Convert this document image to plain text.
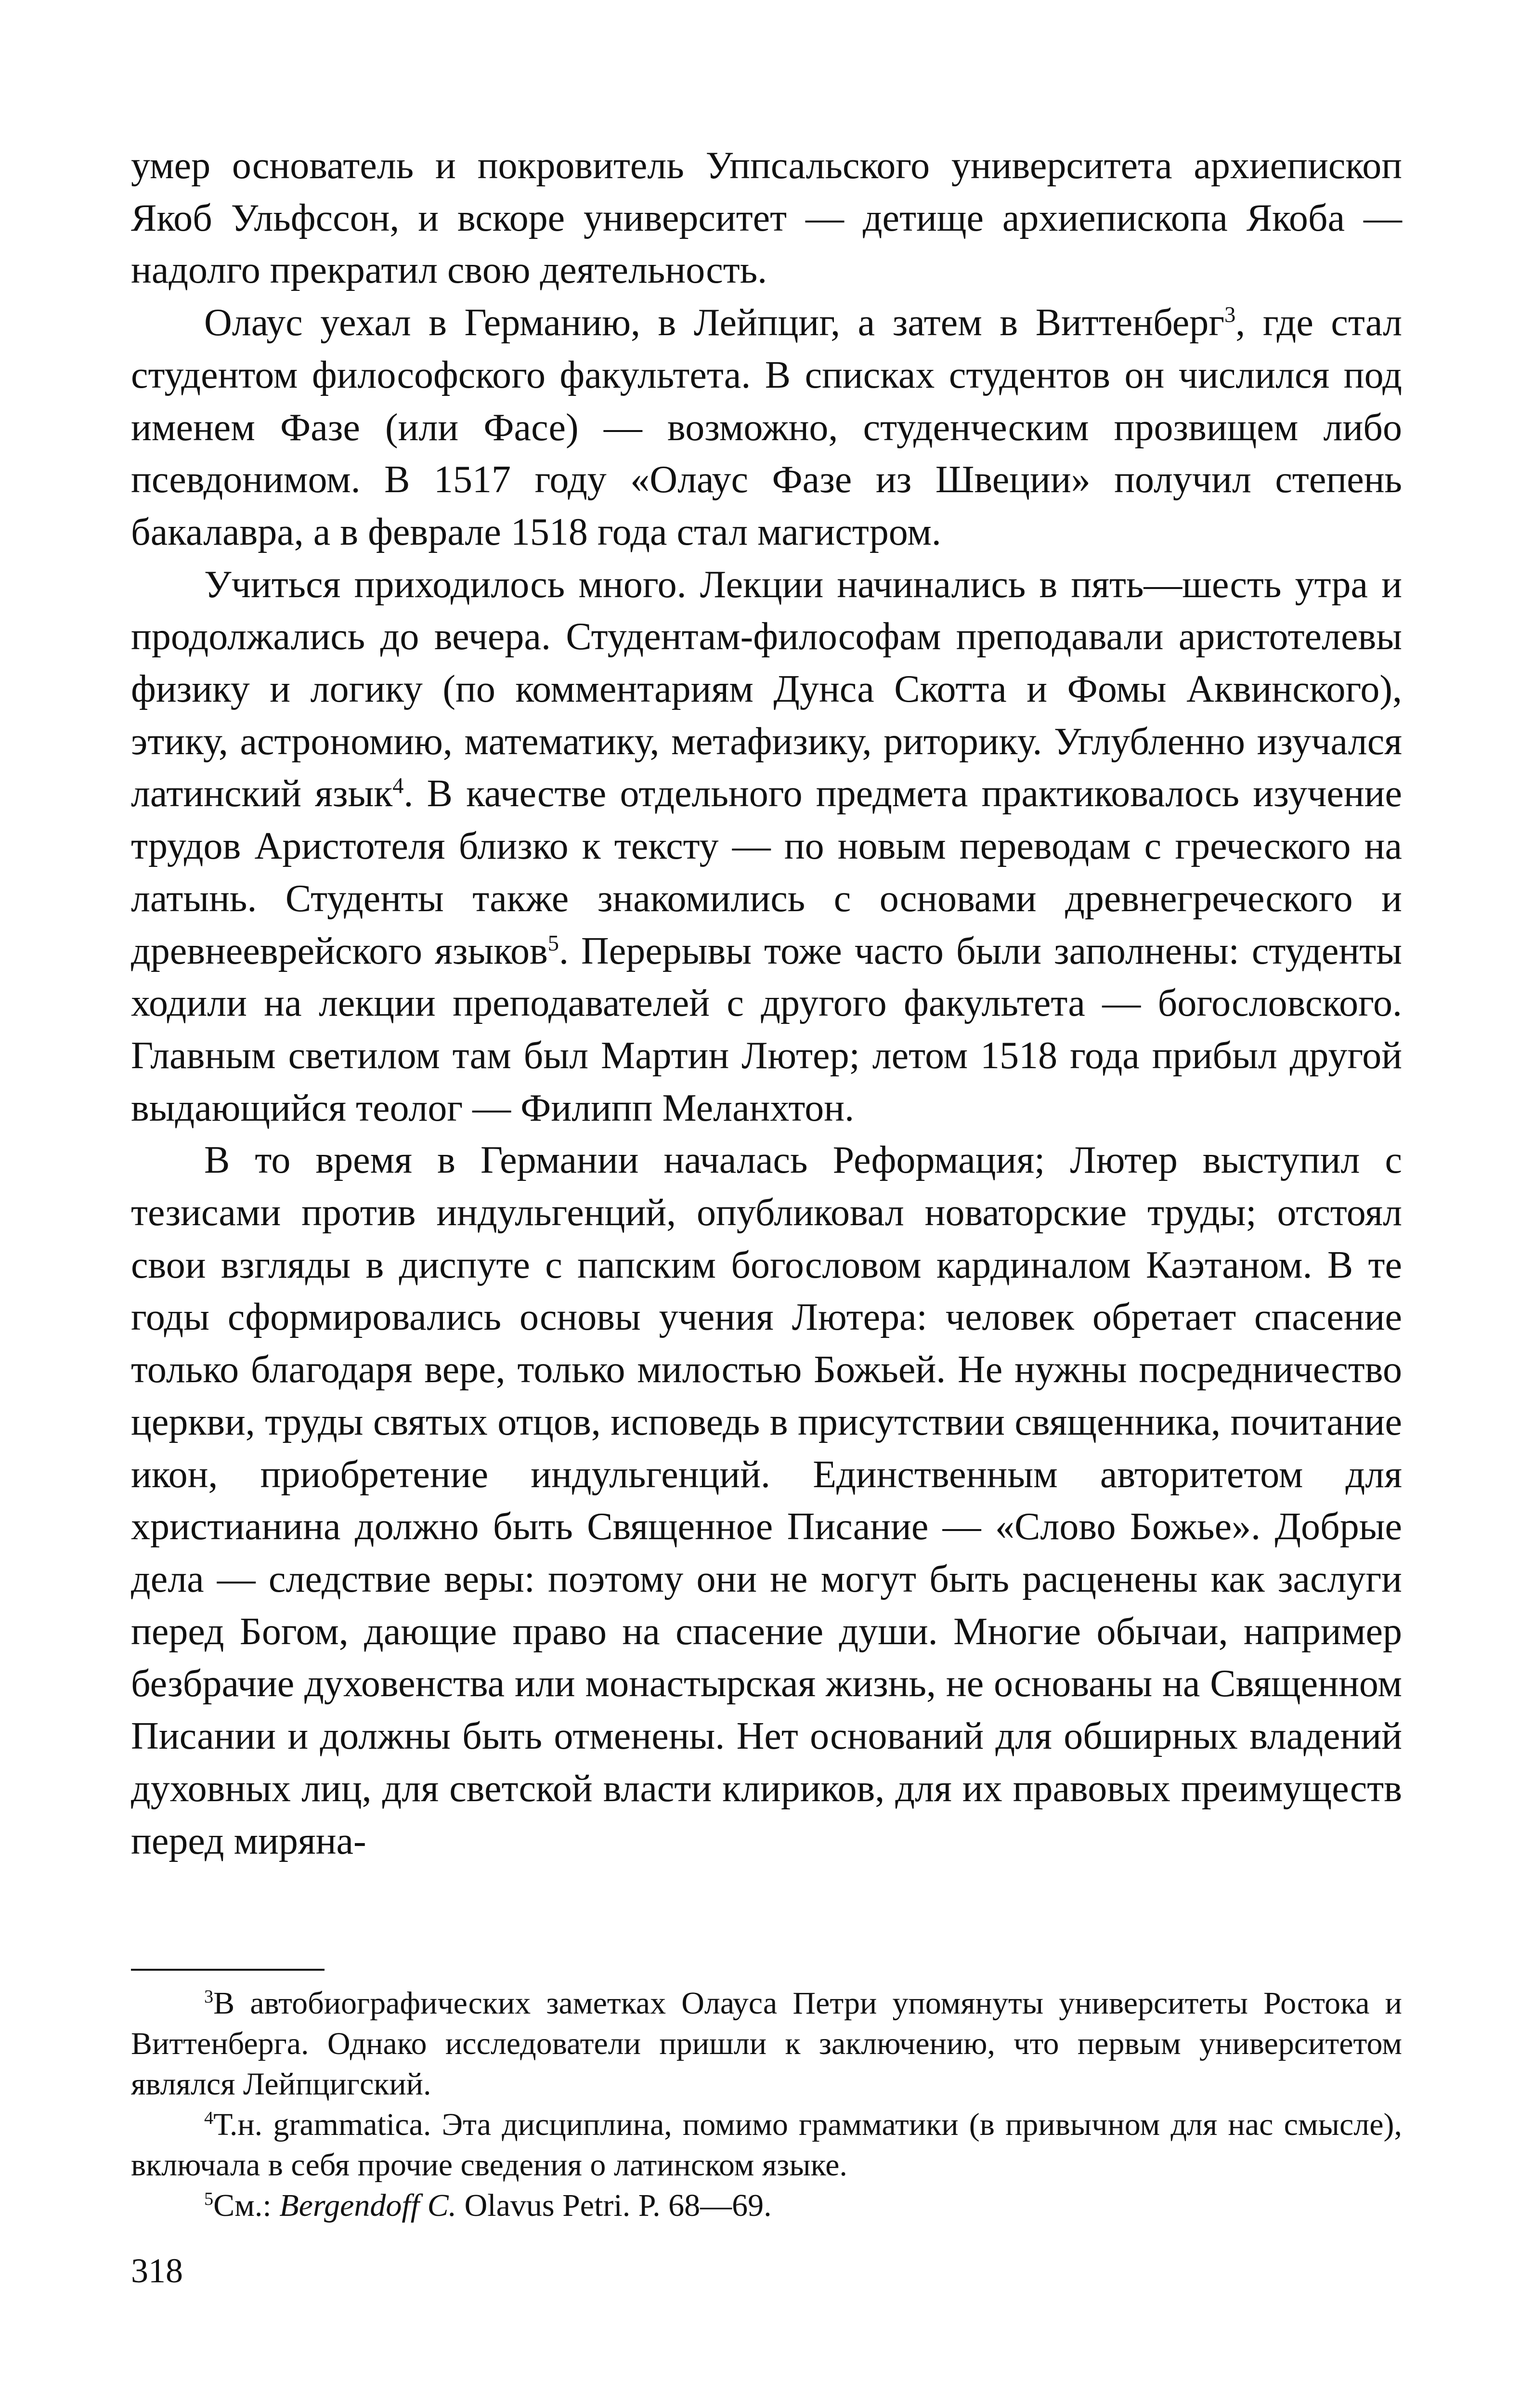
умер основатель и покровитель Уппсальского университета архиепископ Якоб Ульфссон, и вскоре университет — детище архиепископа Якоба — надолго прекратил свою деятельность.

Олаус уехал в Германию, в Лейпциг, а затем в Виттенберг$^3$, где стал студентом философского факультета. В списках студентов он числился под именем Фазе (или Фасе) — возможно, студенческим прозвищем либо псевдонимом. В 1517 году «Олаус Фазе из Швеции» получил степень бакалавра, а в феврале 1518 года стал магистром.

Учиться приходилось много. Лекции начинались в пять—шесть утра и продолжались до вечера. Студентам-философам преподавали аристотелевы физику и логику (по комментариям Дунса Скотта и Фомы Аквинского), этику, астрономию, математику, метафизику, риторику. Углубленно изучался латинский язык$^4$. В качестве отдельного предмета практиковалось изучение трудов Аристотеля близко к тексту — по новым переводам с греческого на латынь. Студенты также знакомились с основами древнегреческого и древнееврейского языков$^5$. Перерывы тоже часто были заполнены: студенты ходили на лекции преподавателей с другого факультета — богословского. Главным светилом там был Мартин Лютер; летом 1518 года прибыл другой выдающийся теолог — Филипп Меланхтон.

В то время в Германии началась Реформация; Лютер выступил с тезисами против индульгенций, опубликовал новаторские труды; отстоял свои взгляды в диспуте с папским богословом кардиналом Каэтаном. В те годы сформировались основы учения Лютера: человек обретает спасение только благодаря вере, только милостью Божьей. Не нужны посредничество церкви, труды святых отцов, исповедь в присутствии священника, почитание икон, приобретение индульгенций. Единственным авторитетом для христианина должно быть Священное Писание — «Слово Божье». Добрые дела — следствие веры: поэтому они не могут быть расценены как заслуги перед Богом, дающие право на спасение души. Многие обычаи, например безбрачие духовенства или монастырская жизнь, не основаны на Священном Писании и должны быть отменены. Нет оснований для обширных владений духовных лиц, для светской власти клириков, для их правовых преимуществ перед миряна-

$^3$В автобиографических заметках Олауса Петри упомянуты университеты Ростока и Виттенберга. Однако исследователи пришли к заключению, что первым университетом являлся Лейпцигский.

$^4$Т.н. grammatica. Эта дисциплина, помимо грамматики (в привычном для нас смысле), включала в себя прочие сведения о латинском языке.

$^5$См.: Bergendoff C. Olavus Petri. P. 68—69.

318
